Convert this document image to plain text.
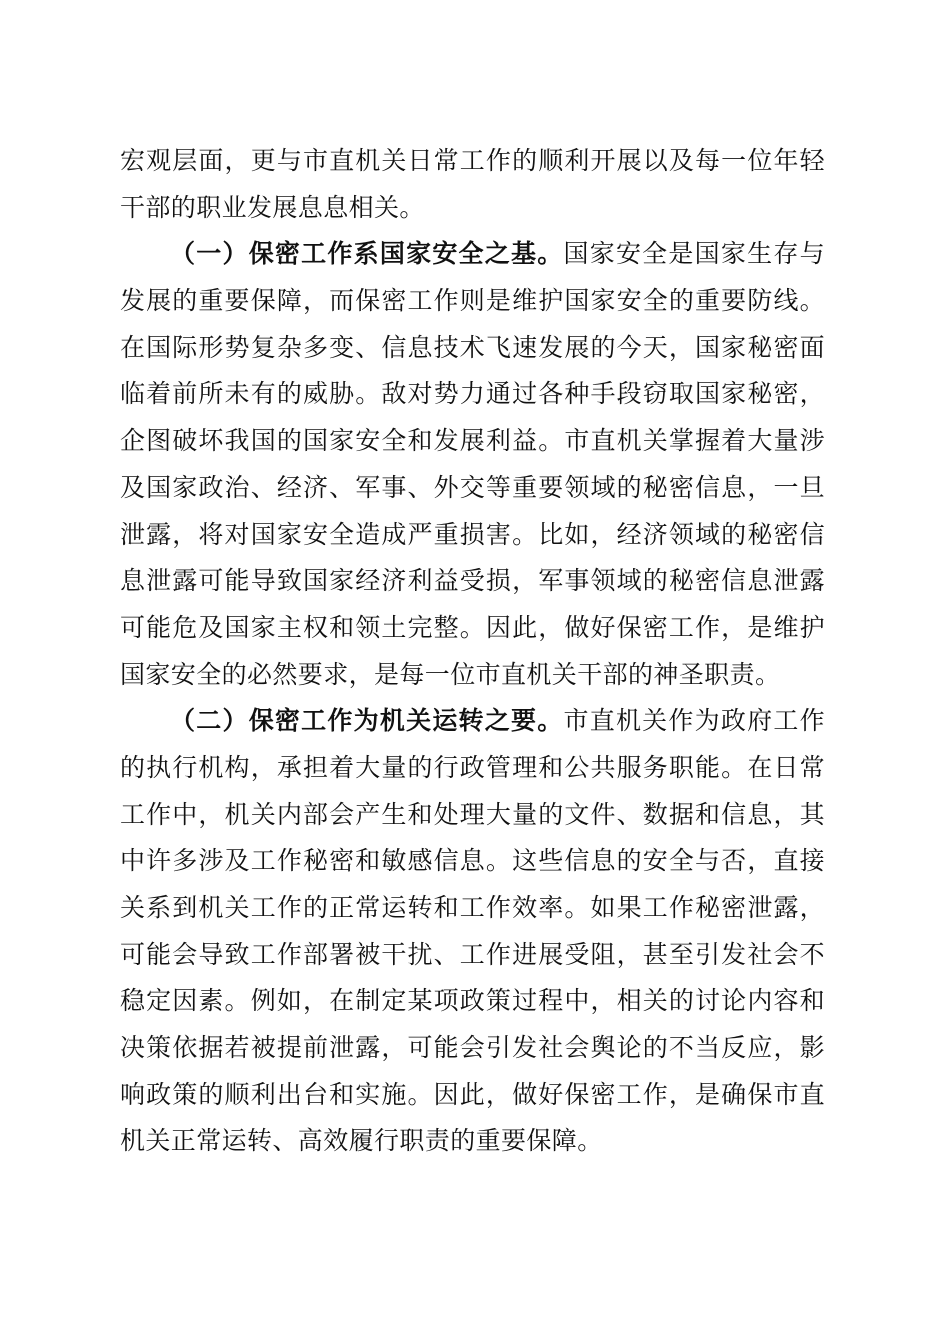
宏观层面，更与市直机关日常工作的顺利开展以及每一位年轻
干部的职业发展息息相关。
（一）保密工作系国家安全之基。国家安全是国家生存与
发展的重要保障，而保密工作则是维护国家安全的重要防线。
在国际形势复杂多变、信息技术飞速发展的今天，国家秘密面
临着前所未有的威胁。敌对势力通过各种手段窃取国家秘密，
企图破坏我国的国家安全和发展利益。市直机关掌握着大量涉
及国家政治、经济、军事、外交等重要领域的秘密信息，一旦
泄露，将对国家安全造成严重损害。比如，经济领域的秘密信
息泄露可能导致国家经济利益受损，军事领域的秘密信息泄露
可能危及国家主权和领土完整。因此，做好保密工作，是维护
国家安全的必然要求，是每一位市直机关干部的神圣职责。
（二）保密工作为机关运转之要。市直机关作为政府工作
的执行机构，承担着大量的行政管理和公共服务职能。在日常
工作中，机关内部会产生和处理大量的文件、数据和信息，其
中许多涉及工作秘密和敏感信息。这些信息的安全与否，直接
关系到机关工作的正常运转和工作效率。如果工作秘密泄露，
可能会导致工作部署被干扰、工作进展受阻，甚至引发社会不
稳定因素。例如，在制定某项政策过程中，相关的讨论内容和
决策依据若被提前泄露，可能会引发社会舆论的不当反应，影
响政策的顺利出台和实施。因此，做好保密工作，是确保市直
机关正常运转、高效履行职责的重要保障。
